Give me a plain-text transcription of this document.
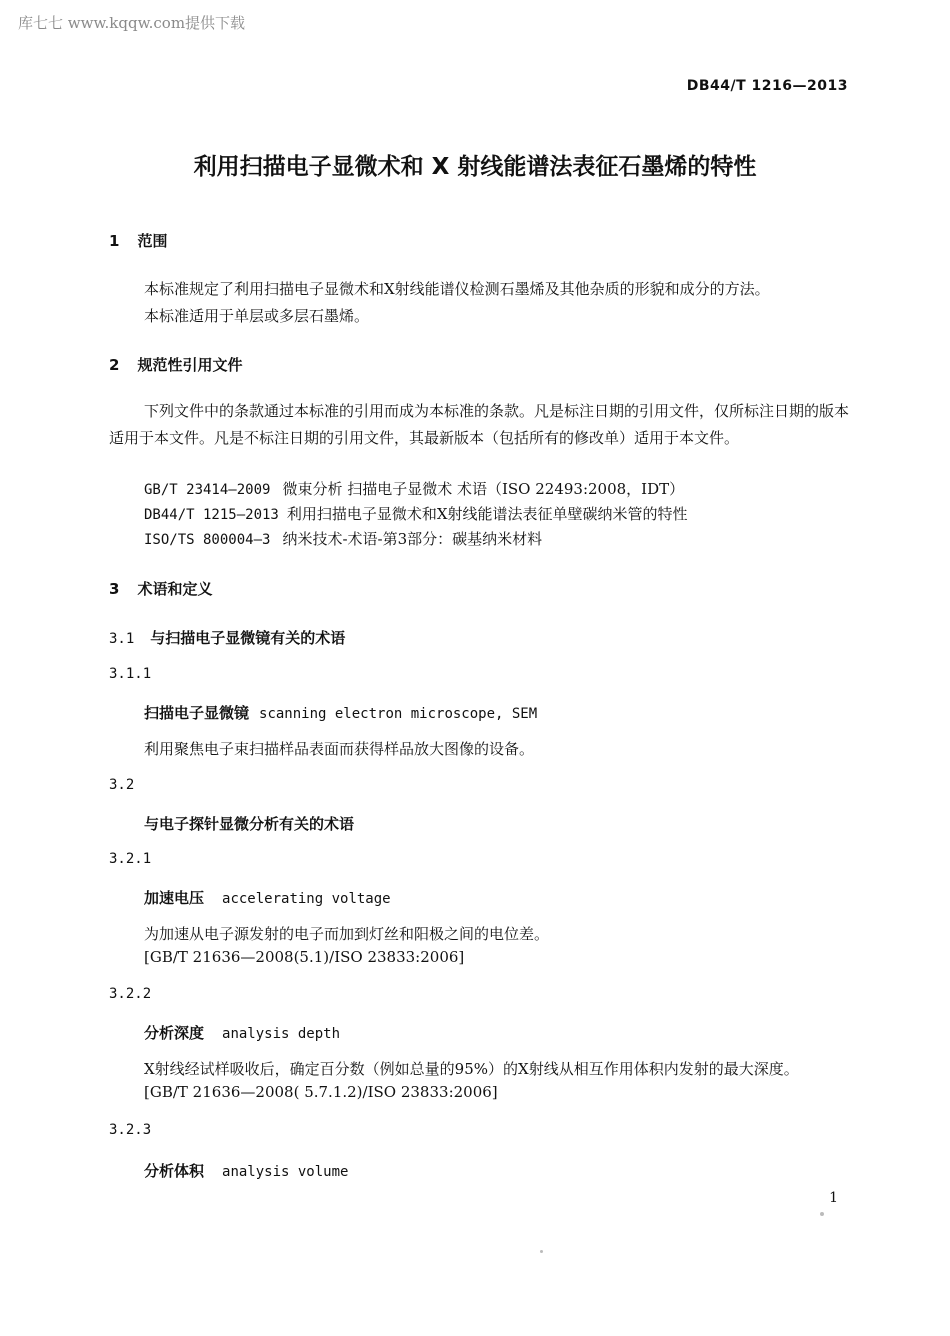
库七七 www.kqqw.com提供下载
DB44/T 1216—2013
利用扫描电子显微术和 X 射线能谱法表征石墨烯的特性
1 范围
本标准规定了利用扫描电子显微术和X射线能谱仪检测石墨烯及其他杂质的形貌和成分的方法。
本标准适用于单层或多层石墨烯。
2 规范性引用文件
下列文件中的条款通过本标准的引用而成为本标准的条款。凡是标注日期的引用文件，仅所标注日期的版本适用于本文件。凡是不标注日期的引用文件，其最新版本（包括所有的修改单）适用于本文件。
GB/T 23414—2009 微束分析 扫描电子显微术 术语（ISO 22493:2008，IDT）
DB44/T 1215—2013 利用扫描电子显微术和X射线能谱法表征单壁碳纳米管的特性
ISO/TS 800004—3 纳米技术-术语-第3部分：碳基纳米材料
3 术语和定义
3.1 与扫描电子显微镜有关的术语
3.1.1
扫描电子显微镜 scanning electron microscope, SEM
利用聚焦电子束扫描样品表面而获得样品放大图像的设备。
3.2
与电子探针显微分析有关的术语
3.2.1
加速电压 accelerating voltage
为加速从电子源发射的电子而加到灯丝和阳极之间的电位差。
[GB/T 21636—2008(5.1)/ISO 23833:2006]
3.2.2
分析深度 analysis depth
X射线经试样吸收后，确定百分数（例如总量的95%）的X射线从相互作用体积内发射的最大深度。
[GB/T 21636—2008( 5.7.1.2)/ISO 23833:2006]
3.2.3
分析体积 analysis volume
1
